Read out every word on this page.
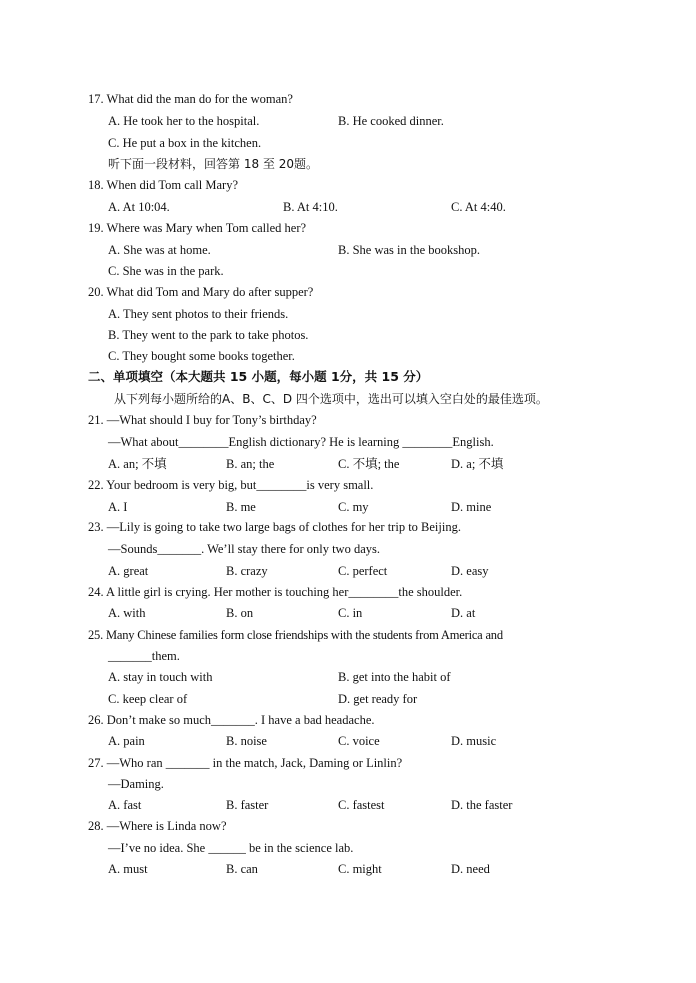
17. What did the man do for the woman?
A. He took her to the hospital.	B. He cooked dinner.
C. He put a box in the kitchen.
听下面一段材料，回答第 18 至 20题。
18. When did Tom call Mary?
A. At 10:04.	B. At 4:10.	C. At 4:40.
19. Where was Mary when Tom called her?
A. She was at home.	B. She was in the bookshop.
C. She was in the park.
20. What did Tom and Mary do after supper?
A. They sent photos to their friends.
B. They went to the park to take photos.
C. They bought some books together.
二、单项填空（本大题共 15 小题，每小题 1分，共 15 分）
从下列每小题所给的A、B、C、D 四个选项中，选出可以填入空白处的最佳选项。
21. —What should I buy for Tony’s birthday?
—What about________English dictionary? He is learning ________English.
A. an; 不填	B. an; the	C. 不填; the	D. a; 不填
22. Your bedroom is very big, but________is very small.
A. I	B. me	C. my	D. mine
23. —Lily is going to take two large bags of clothes for her trip to Beijing.
—Sounds_______. We’ll stay there for only two days.
A. great	B. crazy	C. perfect	D. easy
24. A little girl is crying. Her mother is touching her________the shoulder.
A. with	B. on	C. in	D. at
25. Many Chinese families form close friendships with the students from America and
_______them.
A. stay in touch with	B. get into the habit of
C. keep clear of	D. get ready for
26. Don’t make so much_______. I have a bad headache.
A. pain	B. noise	C. voice	D. music
27. —Who ran _______ in the match, Jack, Daming or Linlin?
—Daming.
A. fast	B. faster	C. fastest	D. the faster
28. —Where is Linda now?
—I’ve no idea. She ______ be in the science lab.
A. must	B. can	C. might	D. need
